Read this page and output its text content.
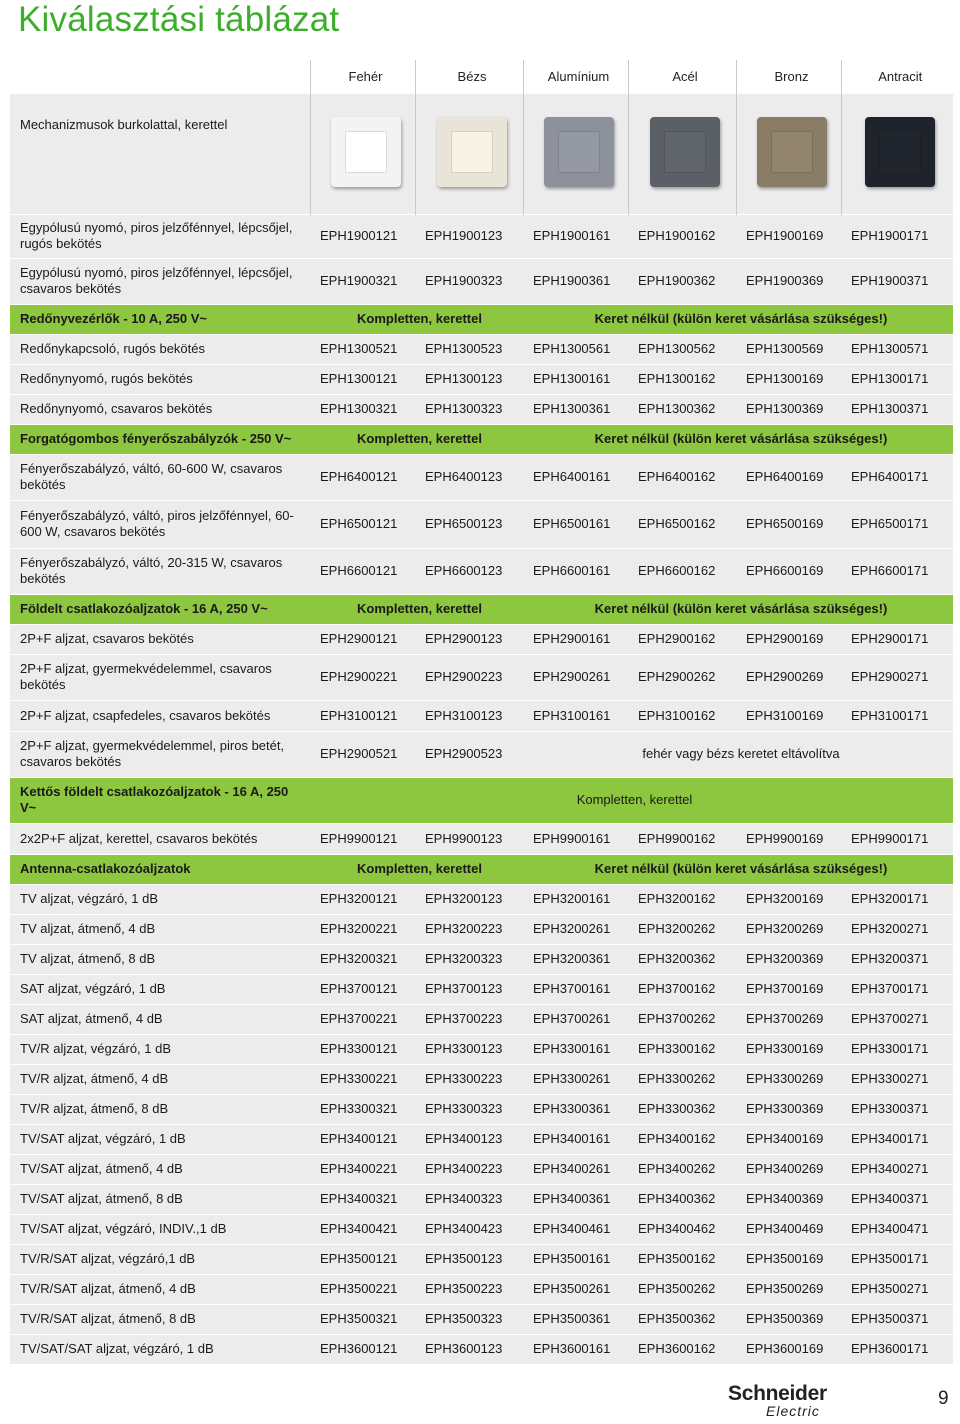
Kiválasztási táblázat
	Fehér	Bézs	Alumínium	Acél	Bronz	Antracit
Mechanizmusok burkolattal, kerettel	

Egypólusú nyomó, piros jelzőfénnyel, lépcsőjel, rugós bekötés	EPH1900121	EPH1900123	EPH1900161	EPH1900162	EPH1900169	EPH1900171
Egypólusú nyomó, piros jelzőfénnyel, lépcsőjel, csavaros bekötés	EPH1900321	EPH1900323	EPH1900361	EPH1900362	EPH1900369	EPH1900371
Redőnyvezérlők - 10 A, 250 V~	Kompletten, kerettel		Keret nélkül (külön keret vásárlása szükséges!)			
Redőnykapcsoló, rugós bekötés	EPH1300521	EPH1300523	EPH1300561	EPH1300562	EPH1300569	EPH1300571
Redőnynyomó, rugós bekötés	EPH1300121	EPH1300123	EPH1300161	EPH1300162	EPH1300169	EPH1300171
Redőnynyomó, csavaros bekötés	EPH1300321	EPH1300323	EPH1300361	EPH1300362	EPH1300369	EPH1300371
Forgatógombos fényerőszabályzók - 250 V~	Kompletten, kerettel		Keret nélkül (külön keret vásárlása szükséges!)			
Fényerőszabályzó, váltó, 60-600 W, csavaros bekötés	EPH6400121	EPH6400123	EPH6400161	EPH6400162	EPH6400169	EPH6400171
Fényerőszabályzó, váltó, piros jelzőfénnyel, 60-600 W, csavaros bekötés	EPH6500121	EPH6500123	EPH6500161	EPH6500162	EPH6500169	EPH6500171
Fényerőszabályzó, váltó, 20-315 W, csavaros bekötés	EPH6600121	EPH6600123	EPH6600161	EPH6600162	EPH6600169	EPH6600171
Földelt csatlakozóaljzatok - 16 A, 250 V~	Kompletten, kerettel		Keret nélkül (külön keret vásárlása szükséges!)			
2P+F aljzat, csavaros bekötés	EPH2900121	EPH2900123	EPH2900161	EPH2900162	EPH2900169	EPH2900171
2P+F aljzat, gyermekvédelemmel, csavaros bekötés	EPH2900221	EPH2900223	EPH2900261	EPH2900262	EPH2900269	EPH2900271
2P+F aljzat, csapfedeles, csavaros bekötés	EPH3100121	EPH3100123	EPH3100161	EPH3100162	EPH3100169	EPH3100171
2P+F aljzat, gyermekvédelemmel, piros betét, csavaros bekötés	EPH2900521	EPH2900523	fehér vagy bézs keretet eltávolítva			
Kettős földelt csatlakozóaljzatok - 16 A, 250 V~	Kompletten, kerettel					
2x2P+F aljzat, kerettel, csavaros bekötés	EPH9900121	EPH9900123	EPH9900161	EPH9900162	EPH9900169	EPH9900171
Antenna-csatlakozóaljzatok	Kompletten, kerettel		Keret nélkül (külön keret vásárlása szükséges!)			
TV aljzat, végzáró, 1 dB	EPH3200121	EPH3200123	EPH3200161	EPH3200162	EPH3200169	EPH3200171
TV aljzat, átmenő, 4 dB	EPH3200221	EPH3200223	EPH3200261	EPH3200262	EPH3200269	EPH3200271
TV aljzat, átmenő, 8 dB	EPH3200321	EPH3200323	EPH3200361	EPH3200362	EPH3200369	EPH3200371
SAT aljzat, végzáró, 1 dB	EPH3700121	EPH3700123	EPH3700161	EPH3700162	EPH3700169	EPH3700171
SAT aljzat, átmenő, 4 dB	EPH3700221	EPH3700223	EPH3700261	EPH3700262	EPH3700269	EPH3700271
TV/R aljzat, végzáró, 1 dB	EPH3300121	EPH3300123	EPH3300161	EPH3300162	EPH3300169	EPH3300171
TV/R aljzat, átmenő, 4 dB	EPH3300221	EPH3300223	EPH3300261	EPH3300262	EPH3300269	EPH3300271
TV/R aljzat, átmenő, 8 dB	EPH3300321	EPH3300323	EPH3300361	EPH3300362	EPH3300369	EPH3300371
TV/SAT aljzat, végzáró, 1 dB	EPH3400121	EPH3400123	EPH3400161	EPH3400162	EPH3400169	EPH3400171
TV/SAT aljzat, átmenő, 4 dB	EPH3400221	EPH3400223	EPH3400261	EPH3400262	EPH3400269	EPH3400271
TV/SAT aljzat, átmenő, 8 dB	EPH3400321	EPH3400323	EPH3400361	EPH3400362	EPH3400369	EPH3400371
TV/SAT aljzat, végzáró, INDIV.,1 dB	EPH3400421	EPH3400423	EPH3400461	EPH3400462	EPH3400469	EPH3400471
TV/R/SAT aljzat, végzáró,1 dB	EPH3500121	EPH3500123	EPH3500161	EPH3500162	EPH3500169	EPH3500171
TV/R/SAT aljzat, átmenő, 4 dB	EPH3500221	EPH3500223	EPH3500261	EPH3500262	EPH3500269	EPH3500271
TV/R/SAT aljzat, átmenő, 8 dB	EPH3500321	EPH3500323	EPH3500361	EPH3500362	EPH3500369	EPH3500371
TV/SAT/SAT aljzat, végzáró, 1 dB	EPH3600121	EPH3600123	EPH3600161	EPH3600162	EPH3600169	EPH3600171
Schneider
Electric
9
